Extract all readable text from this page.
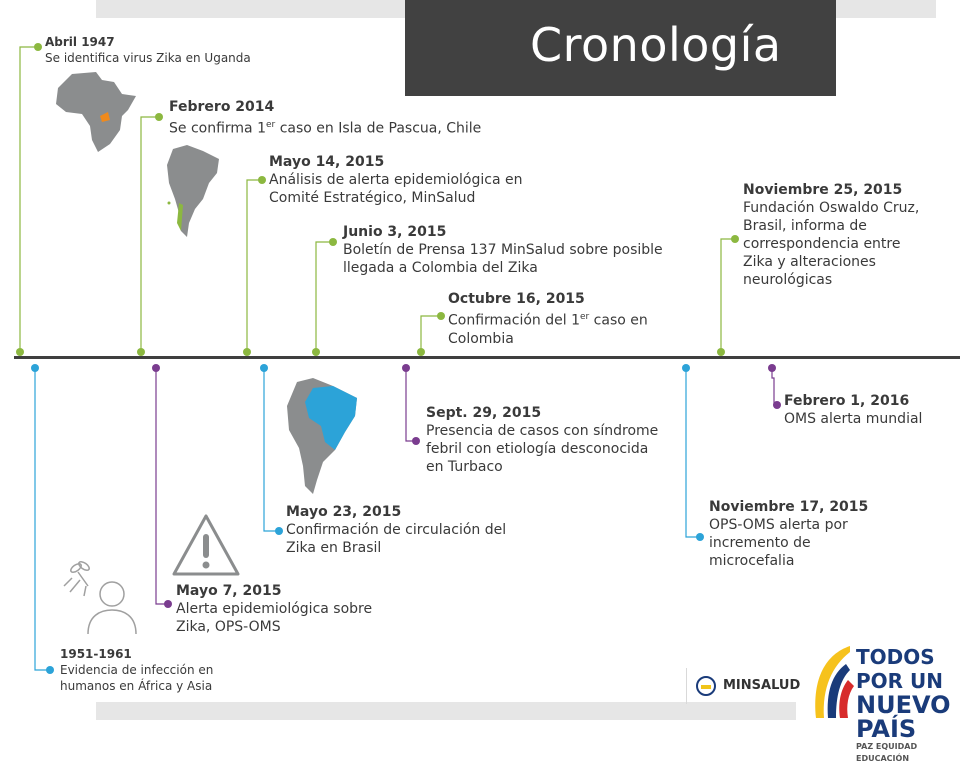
Cronología
Abril 1947
Se identifica virus Zika en Uganda
Febrero 2014
Se confirma 1er caso en Isla de Pascua, Chile
Mayo 14, 2015
Análisis de alerta epidemiológica en Comité Estratégico, MinSalud
Junio 3, 2015
Boletín de Prensa 137 MinSalud sobre posible llegada a Colombia del Zika
Octubre 16, 2015
Confirmación del 1er caso en Colombia
Noviembre 25, 2015
Fundación Oswaldo Cruz, Brasil, informa de correspondencia entre Zika y alteraciones neurológicas
1951-1961
Evidencia de infección en humanos en África y Asia
Mayo 7, 2015
Alerta epidemiológica sobre Zika, OPS-OMS
Mayo 23, 2015
Confirmación de circulación del Zika en Brasil
Sept. 29, 2015
Presencia de casos con síndrome febril con etiología desconocida en Turbaco
Noviembre 17, 2015
OPS-OMS alerta por incremento de microcefalia
Febrero 1, 2016
OMS alerta mundial
MINSALUD
TODOS POR UN
NUEVO PAÍS
PAZ EQUIDAD EDUCACIÓN
